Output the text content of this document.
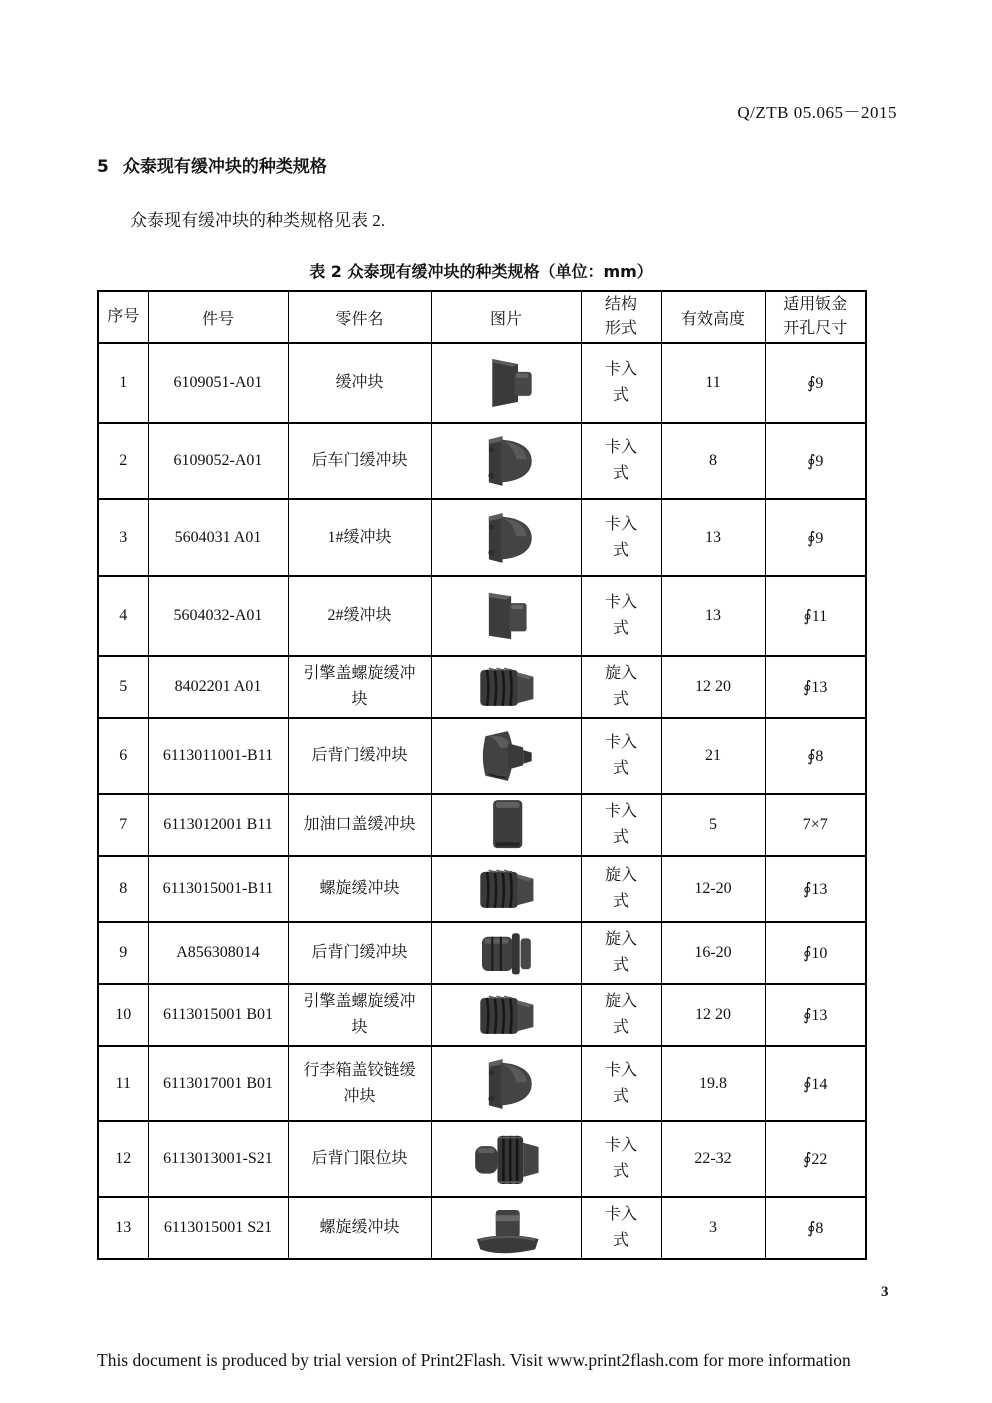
Q/ZTB 05.065－2015
5 众泰现有缓冲块的种类规格
众泰现有缓冲块的种类规格见表 2.
表 2 众泰现有缓冲块的种类规格（单位：mm）
序号	件号	零件名	图片	结构形式	有效高度	适用钣金开孔尺寸
1	6109051-A01	缓冲块		卡入式	11	∮9
2	6109052-A01	后车门缓冲块		卡入式	8	∮9
3	5604031 A01	1#缓冲块		卡入式	13	∮9
4	5604032-A01	2#缓冲块		卡入式	13	∮11
5	8402201 A01	引擎盖螺旋缓冲块		旋入式	12 20	∮13
6	6113011001-B11	后背门缓冲块		卡入式	21	∮8
7	6113012001 B11	加油口盖缓冲块		卡入式	5	7×7
8	6113015001-B11	螺旋缓冲块		旋入式	12-20	∮13
9	A856308014	后背门缓冲块		旋入式	16-20	∮10
10	6113015001 B01	引擎盖螺旋缓冲块		旋入式	12 20	∮13
11	6113017001 B01	行李箱盖铰链缓冲块		卡入式	19.8	∮14
12	6113013001-S21	后背门限位块		卡入式	22-32	∮22
13	6113015001 S21	螺旋缓冲块		卡入式	3	∮8
3
This document is produced by trial version of Print2Flash. Visit www.print2flash.com for more information
